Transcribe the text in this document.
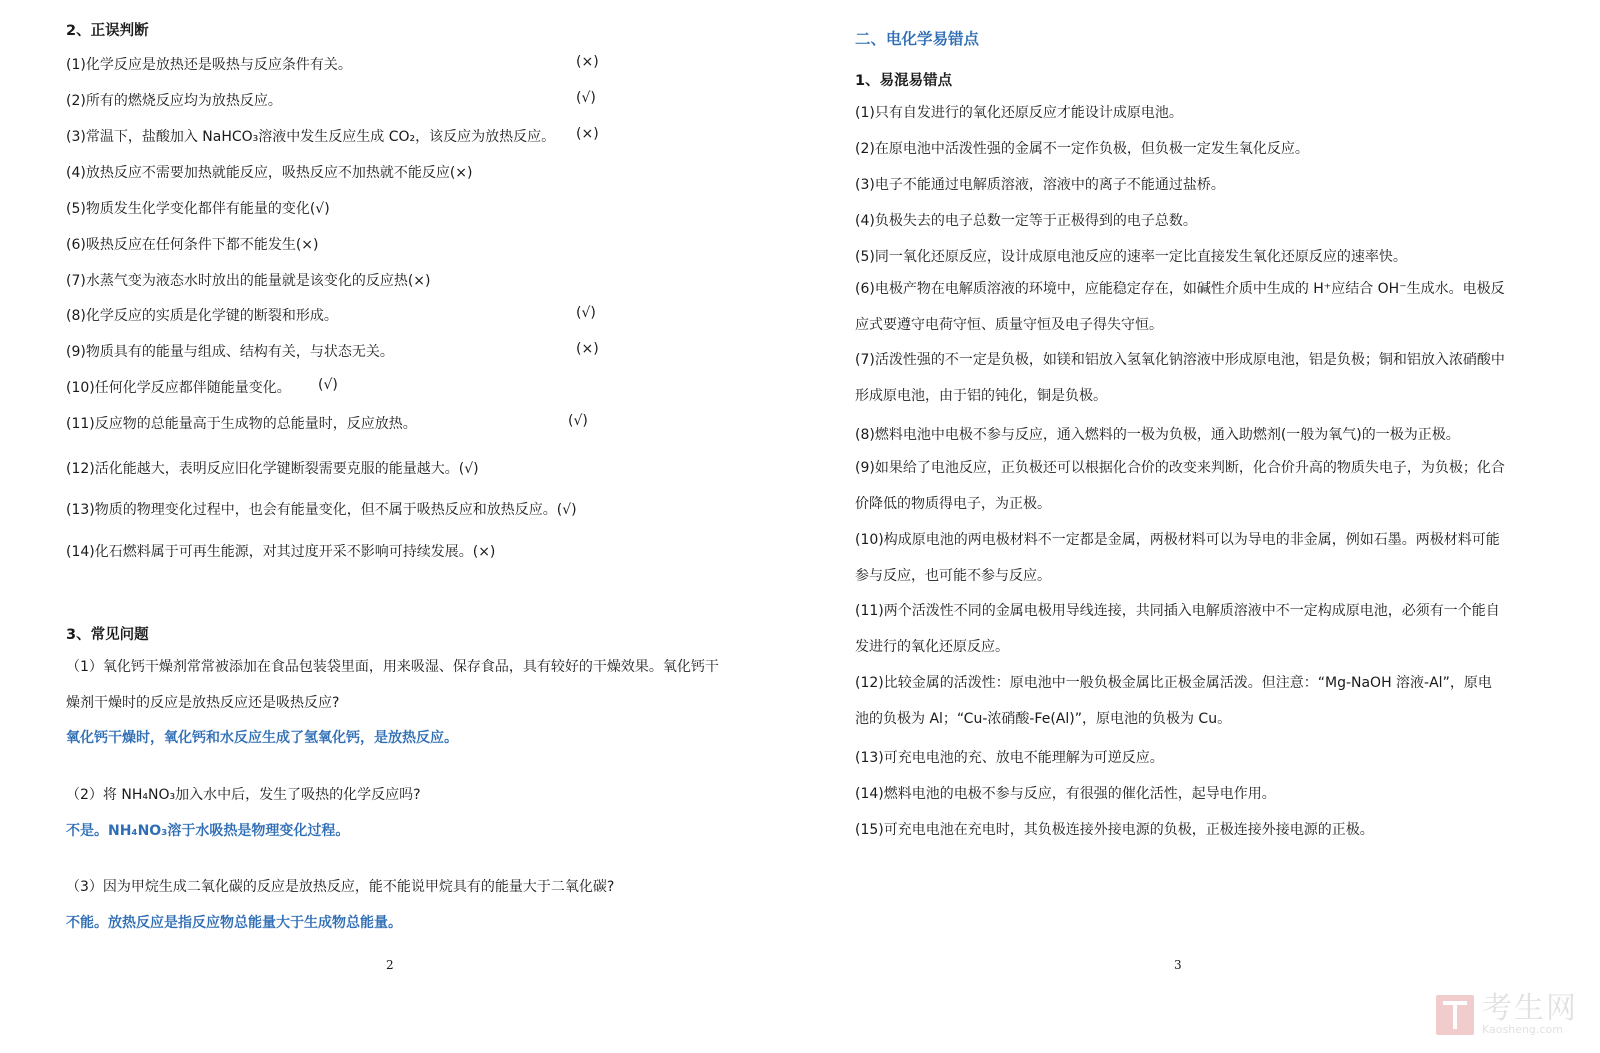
2、正误判断
(1)化学反应是放热还是吸热与反应条件有关。	(×)
(2)所有的燃烧反应均为放热反应。	(√)
(3)常温下，盐酸加入 NaHCO₃溶液中发生反应生成 CO₂，该反应为放热反应。 (×)
(4)放热反应不需要加热就能反应，吸热反应不加热就不能反应(×)
(5)物质发生化学变化都伴有能量的变化(√)
(6)吸热反应在任何条件下都不能发生(×)
(7)水蒸气变为液态水时放出的能量就是该变化的反应热(×)
(8)化学反应的实质是化学键的断裂和形成。	(√)
(9)物质具有的能量与组成、结构有关，与状态无关。	(×)
(10)任何化学反应都伴随能量变化。 (√)
(11)反应物的总能量高于生成物的总能量时，反应放热。	(√)
(12)活化能越大，表明反应旧化学键断裂需要克服的能量越大。(√)
(13)物质的物理变化过程中，也会有能量变化，但不属于吸热反应和放热反应。(√)
(14)化石燃料属于可再生能源，对其过度开采不影响可持续发展。(×)
3、常见问题
（1）氧化钙干燥剂常常被添加在食品包装袋里面，用来吸湿、保存食品，具有较好的干燥效果。氧化钙干
燥剂干燥时的反应是放热反应还是吸热反应?
氧化钙干燥时，氧化钙和水反应生成了氢氧化钙，是放热反应。
（2）将 NH₄NO₃加入水中后，发生了吸热的化学反应吗?
不是。NH₄NO₃溶于水吸热是物理变化过程。
（3）因为甲烷生成二氧化碳的反应是放热反应，能不能说甲烷具有的能量大于二氧化碳?
不能。放热反应是指反应物总能量大于生成物总能量。
2
二、电化学易错点
1、易混易错点
(1)只有自发进行的氧化还原反应才能设计成原电池。
(2)在原电池中活泼性强的金属不一定作负极，但负极一定发生氧化反应。
(3)电子不能通过电解质溶液，溶液中的离子不能通过盐桥。
(4)负极失去的电子总数一定等于正极得到的电子总数。
(5)同一氧化还原反应，设计成原电池反应的速率一定比直接发生氧化还原反应的速率快。
(6)电极产物在电解质溶液的环境中，应能稳定存在，如碱性介质中生成的 H⁺应结合 OH⁻生成水。电极反应式要遵守电荷守恒、质量守恒及电子得失守恒。
(7)活泼性强的不一定是负极，如镁和铝放入氢氧化钠溶液中形成原电池，铝是负极；铜和铝放入浓硝酸中形成原电池，由于铝的钝化，铜是负极。
(8)燃料电池中电极不参与反应，通入燃料的一极为负极，通入助燃剂(一般为氧气)的一极为正极。
(9)如果给了电池反应，正负极还可以根据化合价的改变来判断，化合价升高的物质失电子，为负极；化合价降低的物质得电子，为正极。
(10)构成原电池的两电极材料不一定都是金属，两极材料可以为导电的非金属，例如石墨。两极材料可能参与反应，也可能不参与反应。
(11)两个活泼性不同的金属电极用导线连接，共同插入电解质溶液中不一定构成原电池，必须有一个能自发进行的氧化还原反应。
(12)比较金属的活泼性：原电池中一般负极金属比正极金属活泼。但注意：“Mg-NaOH 溶液-Al”，原电池的负极为 Al；“Cu-浓硝酸-Fe(Al)”，原电池的负极为 Cu。
(13)可充电电池的充、放电不能理解为可逆反应。
(14)燃料电池的电极不参与反应，有很强的催化活性，起导电作用。
(15)可充电电池在充电时，其负极连接外接电源的负极，正极连接外接电源的正极。
3
考生网
Kaosheng.com
